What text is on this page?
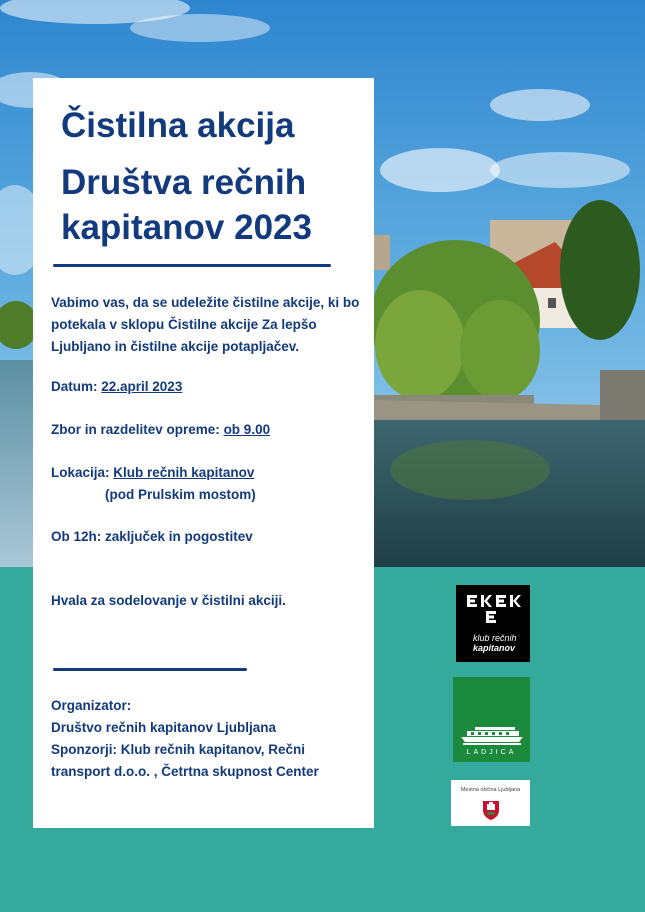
Čistilna akcija
Društva rečnih
kapitanov 2023
Vabimo vas, da se udeležite čistilne akcije, ki bo
potekala v sklopu Čistilne akcije Za lepšo
Ljubljano in čistilne akcije potapljačev.
Datum: 22.april 2023
Zbor in razdelitev opreme: ob 9.00
Lokacija: Klub rečnih kapitanov
(pod Prulskim mostom)
Ob 12h: zaključek in pogostitev
Hvala za sodelovanje v čistilni akciji.
Organizator:
Društvo rečnih kapitanov Ljubljana
Sponzorji: Klub rečnih kapitanov, Rečni
transport d.o.o. , Četrtna skupnost Center
klub rečnih
kapitanov
LADJICA
Mestna občina Ljubljana
